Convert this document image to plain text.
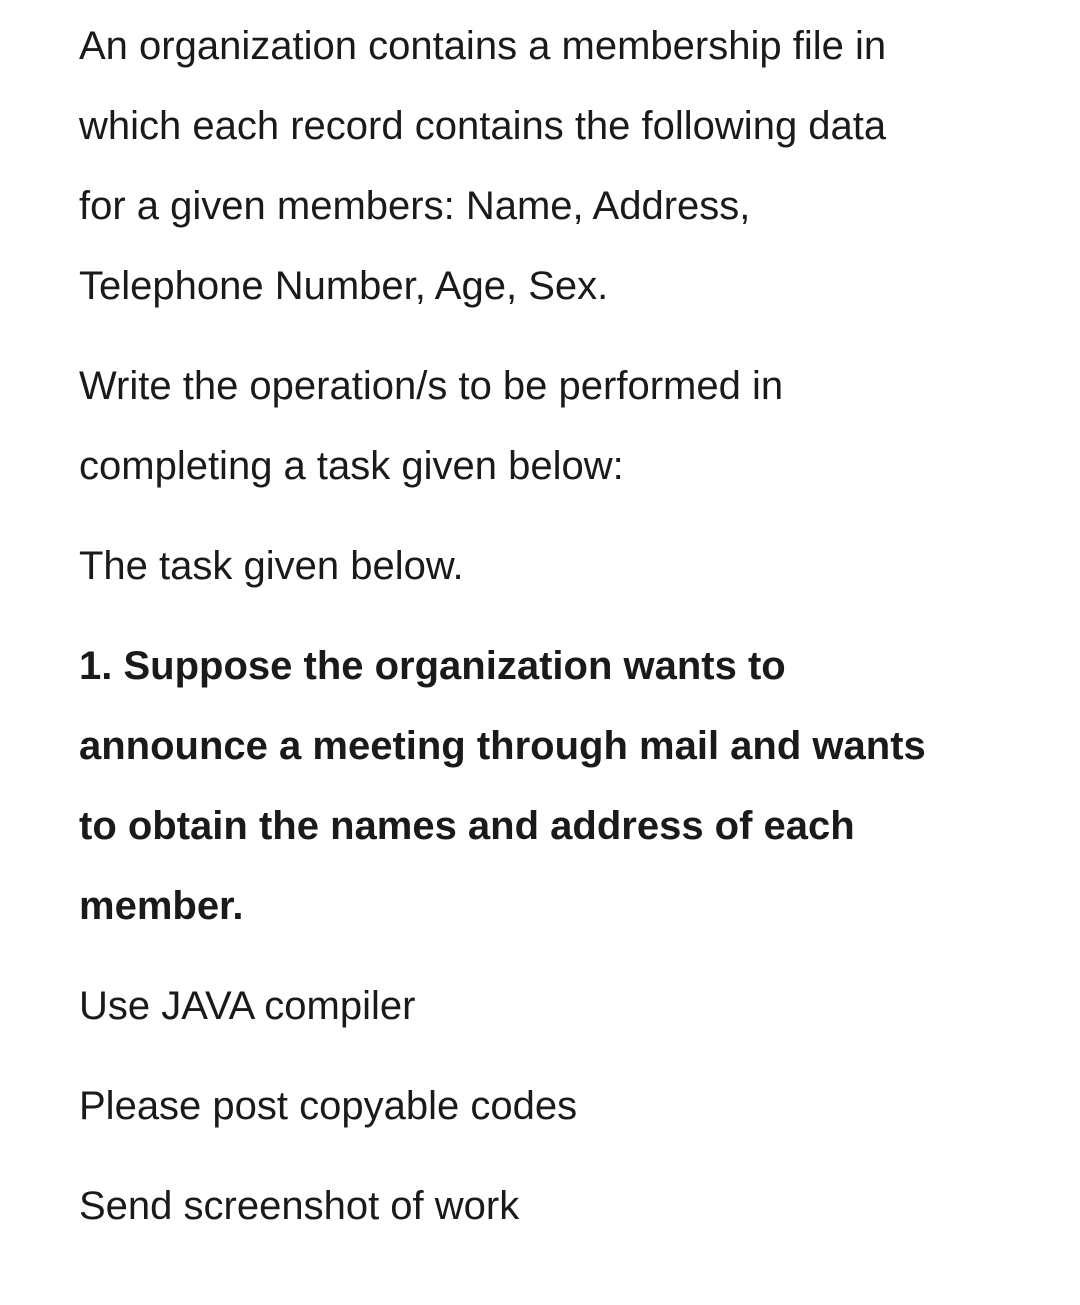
An organization contains a membership file in
which each record contains the following data
for a given members: Name, Address,
Telephone Number, Age, Sex.

Write the operation/s to be performed in
completing a task given below:

The task given below.

1. Suppose the organization wants to
announce a meeting through mail and wants
to obtain the names and address of each
member.

Use JAVA compiler

Please post copyable codes

Send screenshot of work
